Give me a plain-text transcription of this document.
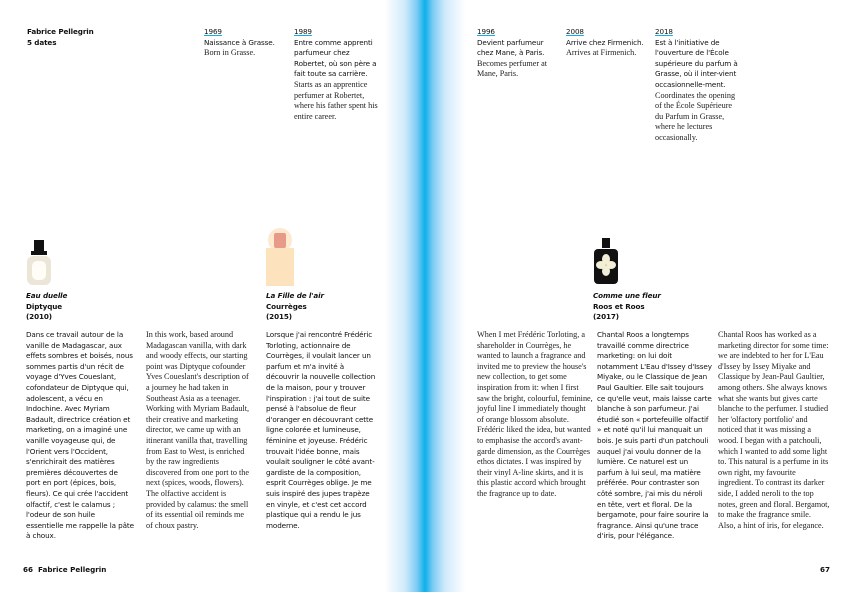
Fabrice Pellegrin
5 dates
1969
Naissance à Grasse.
Born in Grasse.
1989
Entre comme apprenti parfumeur chez Robertet, où son père a fait toute sa carrière.
Starts as an apprentice perfumer at Robertet, where his father spent his entire career.
Eau duelle
Diptyque
(2010)
La Fille de l'air
Courrèges
(2015)
Dans ce travail autour de la vanille de Madagascar, aux effets sombres et boisés, nous sommes partis d'un récit de voyage d'Yves Coueslant, cofondateur de Diptyque qui, adolescent, a vécu en Indochine. Avec Myriam Badault, directrice création et marketing, on a imaginé une vanille voyageuse qui, de l'Orient vers l'Occident, s'enrichirait des matières premières découvertes de port en port (épices, bois, fleurs). Ce qui crée l'accident olfactif, c'est le calamus ; l'odeur de son huile essentielle me rappelle la pâte à choux.
In this work, based around Madagascan vanilla, with dark and woody effects, our starting point was Diptyque cofounder Yves Coueslant's description of a journey he had taken in Southeast Asia as a teenager. Working with Myriam Badault, their creative and marketing director, we came up with an itinerant vanilla that, travelling from East to West, is enriched by the raw ingredients discovered from one port to the next (spices, woods, flowers). The olfactive accident is provided by calamus: the smell of its essential oil reminds me of choux pastry.
Lorsque j'ai rencontré Frédéric Torloting, actionnaire de Courrèges, il voulait lancer un parfum et m'a invité à découvrir la nouvelle collection de la maison, pour y trouver l'inspiration : j'ai tout de suite pensé à l'absolue de fleur d'oranger en découvrant cette ligne colorée et lumineuse, féminine et joyeuse. Frédéric trouvait l'idée bonne, mais voulait souligner le côté avant-gardiste de la composition, esprit Courrèges oblige. Je me suis inspiré des jupes trapèze en vinyle, et c'est cet accord plastique qui a rendu le jus moderne.
66 Fabrice Pellegrin
1996
Devient parfumeur chez Mane, à Paris.
Becomes perfumer at Mane, Paris.
2008
Arrive chez Firmenich.
Arrives at Firmenich.
2018
Est à l'initiative de l'ouverture de l'École supérieure du parfum à Grasse, où il inter-vient occasionnelle-ment.
Coordinates the opening of the École Supérieure du Parfum in Grasse, where he lectures occasionally.
Comme une fleur
Roos et Roos
(2017)
When I met Frédéric Torloting, a shareholder in Courrèges, he wanted to launch a fragrance and invited me to preview the house's new collection, to get some inspiration from it: when I first saw the bright, colourful, feminine, joyful line I immediately thought of orange blossom absolute. Frédéric liked the idea, but wanted to emphasise the accord's avant-garde dimension, as the Courrèges ethos dictates. I was inspired by their vinyl A-line skirts, and it is this plastic accord which brought the fragrance up to date.
Chantal Roos a longtemps travaillé comme directrice marketing: on lui doit notamment L'Eau d'Issey d'Issey Miyake, ou le Classique de Jean Paul Gaultier. Elle sait toujours ce qu'elle veut, mais laisse carte blanche à son parfumeur. J'ai étudié son « portefeuille olfactif » et noté qu'il lui manquait un bois. Je suis parti d'un patchouli auquel j'ai voulu donner de la lumière. Ce naturel est un parfum à lui seul, ma matière préférée. Pour contraster son côté sombre, j'ai mis du néroli en tête, vert et floral. De la bergamote, pour faire sourire la fragrance. Ainsi qu'une trace d'iris, pour l'élégance.
Chantal Roos has worked as a marketing director for some time: we are indebted to her for L'Eau d'Issey by Issey Miyake and Classique by Jean-Paul Gaultier, among others. She always knows what she wants but gives carte blanche to the perfumer. I studied her 'olfactory portfolio' and noticed that it was missing a wood. I began with a patchouli, which I wanted to add some light to. This natural is a perfume in its own right, my favourite ingredient. To contrast its darker side, I added neroli to the top notes, green and floral. Bergamot, to make the fragrance smile. Also, a hint of iris, for elegance.
67
